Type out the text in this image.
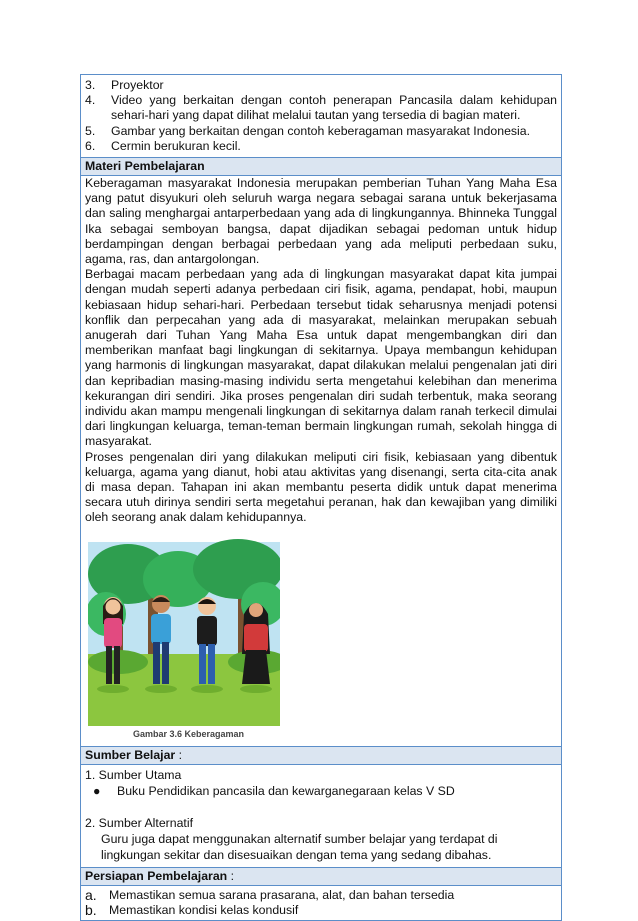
3.	Proyektor
4.	Video yang berkaitan dengan contoh penerapan Pancasila dalam kehidupan sehari-hari yang dapat dilihat melalui tautan yang tersedia di bagian materi.
5.	Gambar yang berkaitan dengan contoh keberagaman masyarakat Indonesia.
6.	Cermin berukuran kecil.
Materi Pembelajaran

Keberagaman masyarakat Indonesia merupakan pemberian Tuhan Yang Maha Esa yang patut disyukuri oleh seluruh warga negara sebagai sarana untuk bekerjasama dan saling menghargai antarperbedaan yang ada di lingkungannya. Bhinneka Tunggal Ika sebagai semboyan bangsa, dapat dijadikan sebagai pedoman untuk hidup berdampingan dengan berbagai perbedaan yang ada meliputi perbedaan suku, agama, ras, dan antargolongan.

Berbagai macam perbedaan yang ada di lingkungan masyarakat dapat kita jumpai dengan mudah seperti adanya perbedaan ciri fisik, agama, pendapat, hobi, maupun kebiasaan hidup sehari-hari. Perbedaan tersebut tidak seharusnya menjadi potensi konflik dan perpecahan yang ada di masyarakat, melainkan merupakan sebuah anugerah dari Tuhan Yang Maha Esa untuk dapat mengembangkan diri dan memberikan manfaat bagi lingkungan di sekitarnya. Upaya membangun kehidupan yang harmonis di lingkungan masyarakat, dapat dilakukan melalui pengenalan jati diri dan kepribadian masing-masing individu serta mengetahui kelebihan dan menerima kekurangan diri sendiri. Jika proses pengenalan diri sudah terbentuk, maka seorang individu akan mampu mengenali lingkungan di sekitarnya dalam ranah terkecil dimulai dari lingkungan keluarga, teman-teman bermain lingkungan rumah, sekolah hingga di masyarakat.

Proses pengenalan diri yang dilakukan meliputi ciri fisik, kebiasaan yang dibentuk keluarga, agama yang dianut, hobi atau aktivitas yang disenangi, serta cita-cita anak di masa depan. Tahapan ini akan membantu peserta didik untuk dapat menerima secara utuh dirinya sendiri serta megetahui peranan, hak dan kewajiban yang dimiliki oleh seorang anak dalam kehidupannya.

Gambar 3.6 Keberagaman
Sumber Belajar :
1. Sumber Utama
●	Buku Pendidikan pancasila dan kewarganegaraan kelas V SD
2. Sumber Alternatif
Guru juga dapat menggunakan alternatif sumber belajar yang terdapat di lingkungan sekitar dan disesuaikan dengan tema yang sedang dibahas.
Persiapan Pembelajaran :
a.	Memastikan semua sarana prasarana, alat, dan bahan tersedia
b.	Memastikan kondisi kelas kondusif
